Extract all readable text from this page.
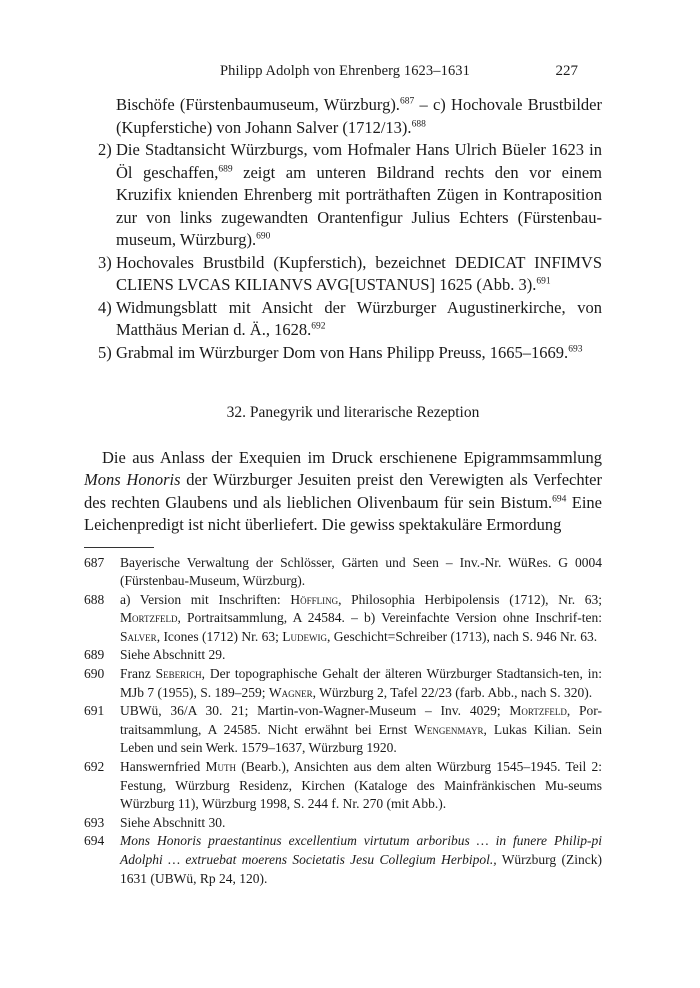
Philipp Adolph von Ehrenberg 1623–1631	227
Bischöfe (Fürstenbaumuseum, Würzburg).$^{687}$ – c) Hochovale Brustbilder (Kupferstiche) von Johann Salver (1712/13).$^{688}$
2) Die Stadtansicht Würzburgs, vom Hofmaler Hans Ulrich Büeler 1623 in Öl geschaffen,$^{689}$ zeigt am unteren Bildrand rechts den vor einem Kruzifix knienden Ehrenberg mit porträthaften Zügen in Kontraposition zur von links zugewandten Orantenfigur Julius Echters (Fürstenbau-museum, Würzburg).$^{690}$
3) Hochovales Brustbild (Kupferstich), bezeichnet DEDICAT INFIMVS CLIENS LVCAS KILIANVS AVG[USTANUS] 1625 (Abb. 3).$^{691}$
4) Widmungsblatt mit Ansicht der Würzburger Augustinerkirche, von Matthäus Merian d. Ä., 1628.$^{692}$
5) Grabmal im Würzburger Dom von Hans Philipp Preuss, 1665–1669.$^{693}$
32. Panegyrik und literarische Rezeption

Die aus Anlass der Exequien im Druck erschienene Epigrammsammlung Mons Honoris der Würzburger Jesuiten preist den Verewigten als Verfechter des rechten Glaubens und als lieblichen Olivenbaum für sein Bistum.$^{694}$ Eine Leichenpredigt ist nicht überliefert. Die gewiss spektakuläre Ermordung

687 Bayerische Verwaltung der Schlösser, Gärten und Seen – Inv.-Nr. WüRes. G 0004 (Fürstenbau-Museum, Würzburg).
688 a) Version mit Inschriften: Höffling, Philosophia Herbipolensis (1712), Nr. 63; Mortzfeld, Portraitsammlung, A 24584. – b) Vereinfachte Version ohne Inschrif-ten: Salver, Icones (1712) Nr. 63; Ludewig, Geschicht=Schreiber (1713), nach S. 946 Nr. 63.
689 Siehe Abschnitt 29.
690 Franz Seberich, Der topographische Gehalt der älteren Würzburger Stadtansich-ten, in: MJb 7 (1955), S. 189–259; Wagner, Würzburg 2, Tafel 22/23 (farb. Abb., nach S. 320).
691 UBWü, 36/A 30. 21; Martin-von-Wagner-Museum – Inv. 4029; Mortzfeld, Por-traitsammlung, A 24585. Nicht erwähnt bei Ernst Wengenmayr, Lukas Kilian. Sein Leben und sein Werk. 1579–1637, Würzburg 1920.
692 Hanswernfried Muth (Bearb.), Ansichten aus dem alten Würzburg 1545–1945. Teil 2: Festung, Würzburg Residenz, Kirchen (Kataloge des Mainfränkischen Mu-seums Würzburg 11), Würzburg 1998, S. 244 f. Nr. 270 (mit Abb.).
693 Siehe Abschnitt 30.
694 Mons Honoris praestantinus excellentium virtutum arboribus … in funere Philip-pi Adolphi … extruebat moerens Societatis Jesu Collegium Herbipol., Würzburg (Zinck) 1631 (UBWü, Rp 24, 120).
